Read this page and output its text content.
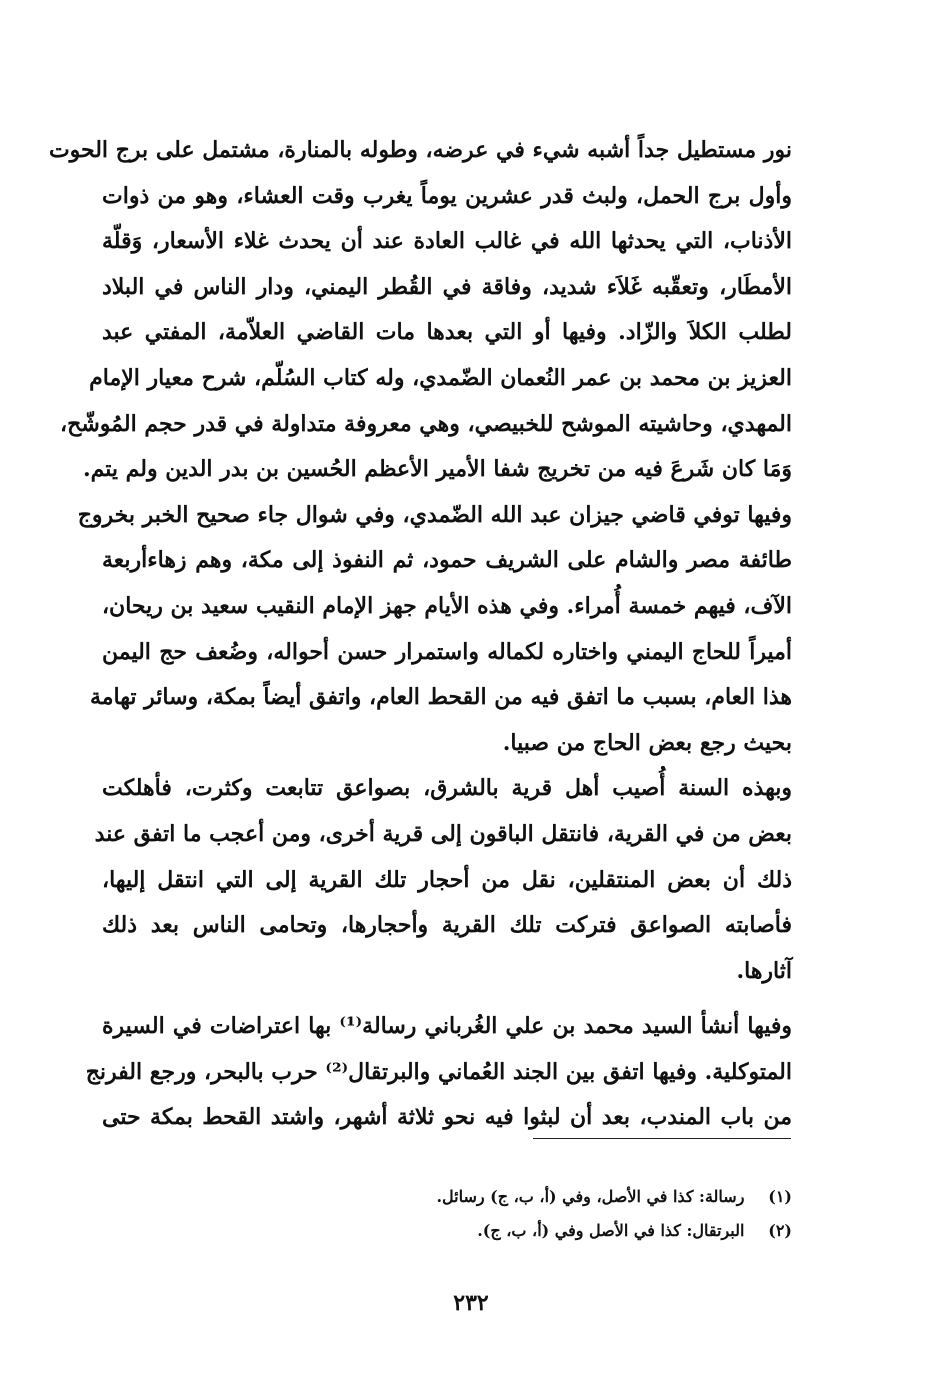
نور مستطيل جداً أشبه شيء في عرضه، وطوله بالمنارة، مشتمل على برج الحوت
وأول برج الحمل، ولبث قدر عشرين يوماً يغرب وقت العشاء، وهو من ذوات
الأذناب، التي يحدثها الله في غالب العادة عند أن يحدث غلاء الأسعار، وَقلّة
الأمطَار، وتعقّبه غَلاَء شديد، وفاقة في القُطر اليمني، ودار الناس في البلاد
لطلب الكلاَ والزّاد. وفيها أو التي بعدها مات القاضي العلاّمة، المفتي عبد
العزيز بن محمد بن عمر النُعمان الضّمدي، وله كتاب السُلّم، شرح معيار الإمام
المهدي، وحاشيته الموشح للخبيصي، وهي معروفة متداولة في قدر حجم المُوشّح،
وَمَا كان شَرعَ فيه من تخريج شفا الأمير الأعظم الحُسين بن بدر الدين ولم يتم.
وفيها توفي قاضي جيزان عبد الله الضّمدي، وفي شوال جاء صحيح الخبر بخروج
طائفة مصر والشام على الشريف حمود، ثم النفوذ إلى مكة، وهم زهاءأربعة
الآف، فيهم خمسة أُمراء. وفي هذه الأيام جهز الإمام النقيب سعيد بن ريحان،
أميراً للحاج اليمني واختاره لكماله واستمرار حسن أحواله، وضُعف حج اليمن
هذا العام، بسبب ما اتفق فيه من القحط العام، واتفق أيضاً بمكة، وسائر تهامة
بحيث رجع بعض الحاج من صبيا.
وبهذه السنة أُصيب أهل قرية بالشرق، بصواعق تتابعت وكثرت، فأهلكت
بعض من في القرية، فانتقل الباقون إلى قرية أخرى، ومن أعجب ما اتفق عند
ذلك أن بعض المنتقلين، نقل من أحجار تلك القرية إلى التي انتقل إليها،
فأصابته الصواعق فتركت تلك القرية وأحجارها، وتحامى الناس بعد ذلك
آثارها.
وفيها أنشأ السيد محمد بن علي الغُرباني رسالة⁽¹⁾ بها اعتراضات في السيرة
المتوكلية. وفيها اتفق بين الجند العُماني والبرتقال⁽²⁾ حرب بالبحر، ورجع الفرنج
من باب المندب، بعد أن لبثوا فيه نحو ثلاثة أشهر، واشتد القحط بمكة حتى
(١) رسالة: كذا في الأصل، وفي (أ، ب، ج) رسائل.
(٢) البرتقال: كذا في الأصل وفي (أ، ب، ج).
٢٣٢
